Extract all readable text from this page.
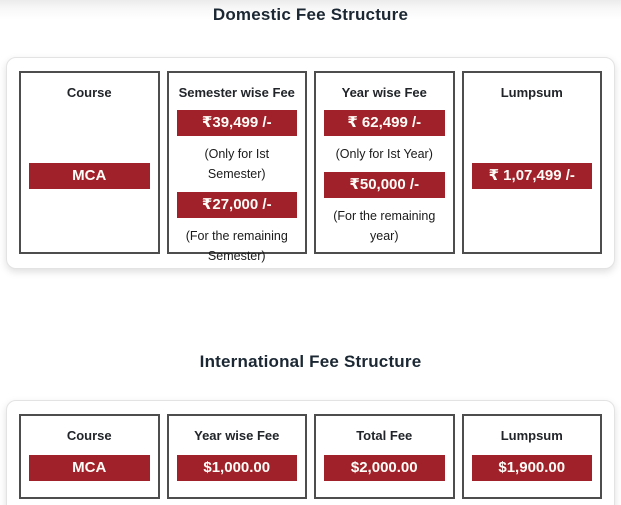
Domestic Fee Structure
Course
MCA
Semester wise Fee
₹39,499 /-
(Only for Ist Semester)
₹27,000 /-
(For the remaining Semester)
Year wise Fee
₹ 62,499 /-
(Only for Ist Year)
₹50,000 /-
(For the remaining year)
Lumpsum
₹ 1,07,499 /-
International Fee Structure
Course
MCA
Year wise Fee
$1,000.00
Total Fee
$2,000.00
Lumpsum
$1,900.00
